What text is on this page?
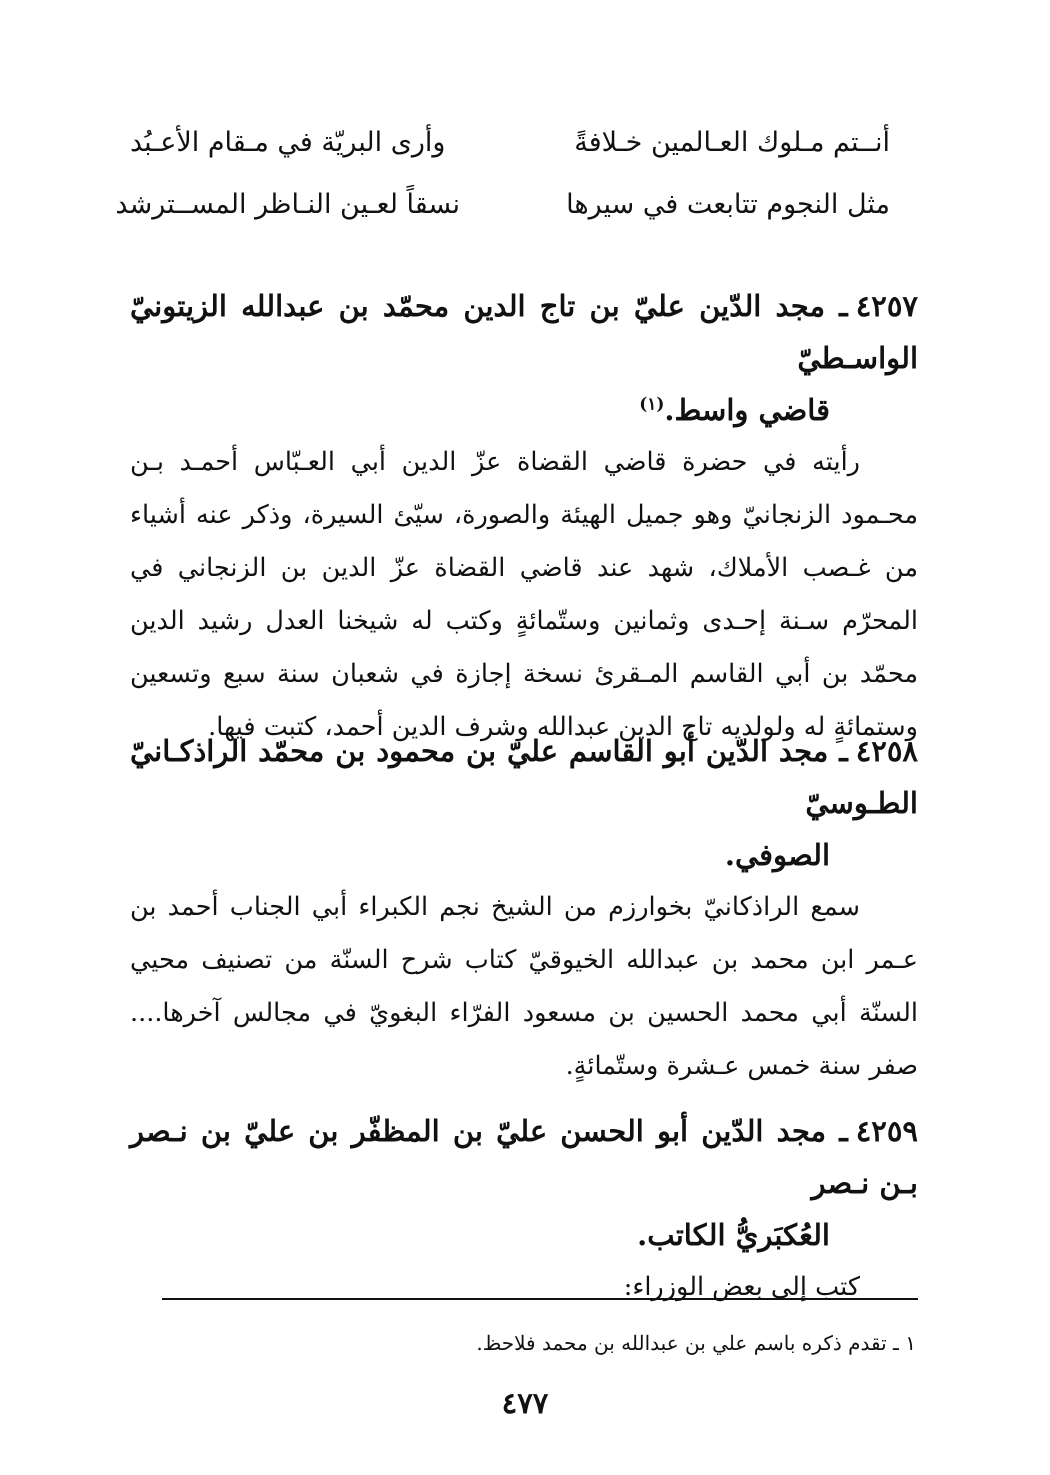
أنــتم مـلوك العـالمين خـلافةً
وأرى البريّة في مـقام الأعـبُد
مثل النجوم تتابعت في سيرها
نسقاً لعـين النـاظر المســترشد
٤٢٥٧ـ مجد الدّين عليّ بن تاج الدين محمّد بن عبدالله الزيتونيّ الواسـطيّ
قاضي واسط.$^{(١)}$
رأيته في حضرة قاضي القضاة عزّ الدين أبي العـبّاس أحمـد بـن محـمود الزنجانيّ وهو جميل الهيئة والصورة، سيّئ السيرة، وذكر عنه أشياء من غـصب الأملاك، شهد عند قاضي القضاة عزّ الدين بن الزنجاني في المحرّم سـنة إحـدى وثمانين وستّمائةٍ وكتب له شيخنا العدل رشيد الدين محمّد بن أبي القاسم المـقرئ نسخة إجازة في شعبان سنة سبع وتسعين وستمائةٍ له ولولديه تاج الدين عبدالله وشرف الدين أحمد، كتبت فيها.
٤٢٥٨ـ مجد الدّين أبو القاسم عليّ بن محمود بن محمّد الراذكـانيّ الطـوسيّ
الصوفي.
سمع الراذكانيّ بخوارزم من الشيخ نجم الكبراء أبي الجناب أحمد بن عـمر ابن محمد بن عبدالله الخيوقيّ كتاب شرح السنّة من تصنيف محيي السنّة أبي محمد الحسين بن مسعود الفرّاء البغويّ في مجالس آخرها.... صفر سنة خمس عـشرة وستّمائةٍ.
٤٢٥٩ـ مجد الدّين أبو الحسن عليّ بن المظفّر بن عليّ بن نـصر بـن نـصر
العُكبَريُّ الكاتب.
كتب إلى بعض الوزراء:
١ ـ تقدم ذكره باسم علي بن عبدالله بن محمد فلاحظ.
٤٧٧
